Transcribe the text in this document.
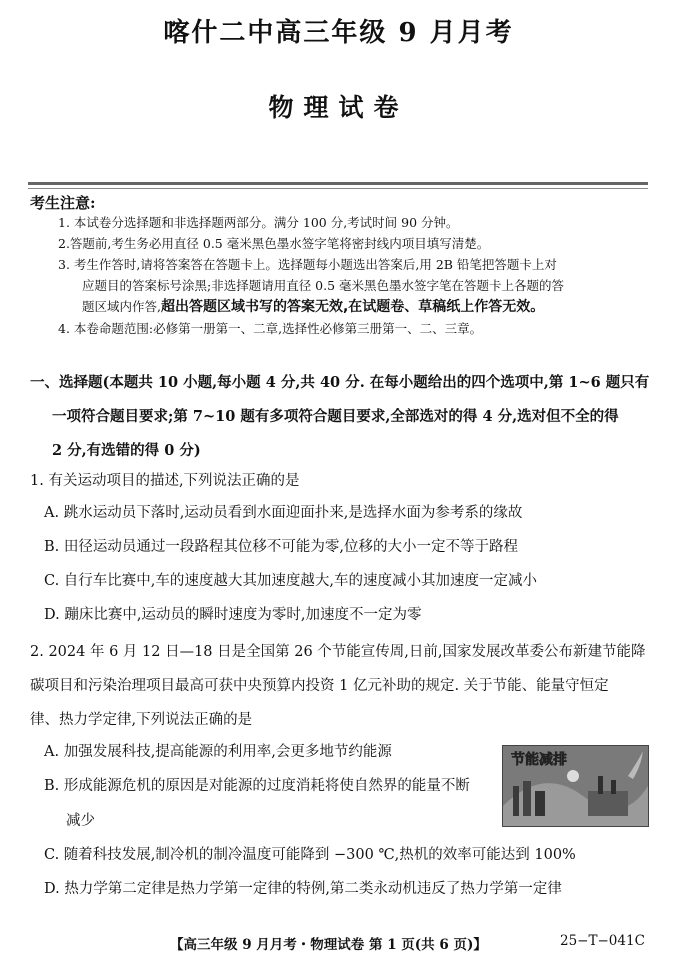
喀什二中高三年级 9 月月考
物理试卷
考生注意:
1. 本试卷分选择题和非选择题两部分。满分 100 分,考试时间 90 分钟。
2.答题前,考生务必用直径 0.5 毫米黑色墨水签字笔将密封线内项目填写清楚。
3. 考生作答时,请将答案答在答题卡上。选择题每小题选出答案后,用 2B 铅笔把答题卡上对
应题目的答案标号涂黑;非选择题请用直径 0.5 毫米黑色墨水签字笔在答题卡上各题的答
题区域内作答,超出答题区域书写的答案无效,在试题卷、草稿纸上作答无效。
4. 本卷命题范围:必修第一册第一、二章,选择性必修第三册第一、二、三章。
一、选择题(本题共 10 小题,每小题 4 分,共 40 分. 在每小题给出的四个选项中,第 1~6 题只有
一项符合题目要求;第 7~10 题有多项符合题目要求,全部选对的得 4 分,选对但不全的得
2 分,有选错的得 0 分)
1. 有关运动项目的描述,下列说法正确的是
A. 跳水运动员下落时,运动员看到水面迎面扑来,是选择水面为参考系的缘故
B. 田径运动员通过一段路程其位移不可能为零,位移的大小一定不等于路程
C. 自行车比赛中,车的速度越大其加速度越大,车的速度减小其加速度一定减小
D. 蹦床比赛中,运动员的瞬时速度为零时,加速度不一定为零
2. 2024 年 6 月 12 日—18 日是全国第 26 个节能宣传周,日前,国家发展改革委公布新建节能降
碳项目和污染治理项目最高可获中央预算内投资 1 亿元补助的规定. 关于节能、能量守恒定
律、热力学定律,下列说法正确的是
A. 加强发展科技,提高能源的利用率,会更多地节约能源
B. 形成能源危机的原因是对能源的过度消耗将使自然界的能量不断
减少
C. 随着科技发展,制冷机的制冷温度可能降到 −300 ℃,热机的效率可能达到 100%
D. 热力学第二定律是热力学第一定律的特例,第二类永动机违反了热力学第一定律
节能减排
【高三年级 9 月月考・物理试卷 第 1 页(共 6 页)】	25−T−041C
